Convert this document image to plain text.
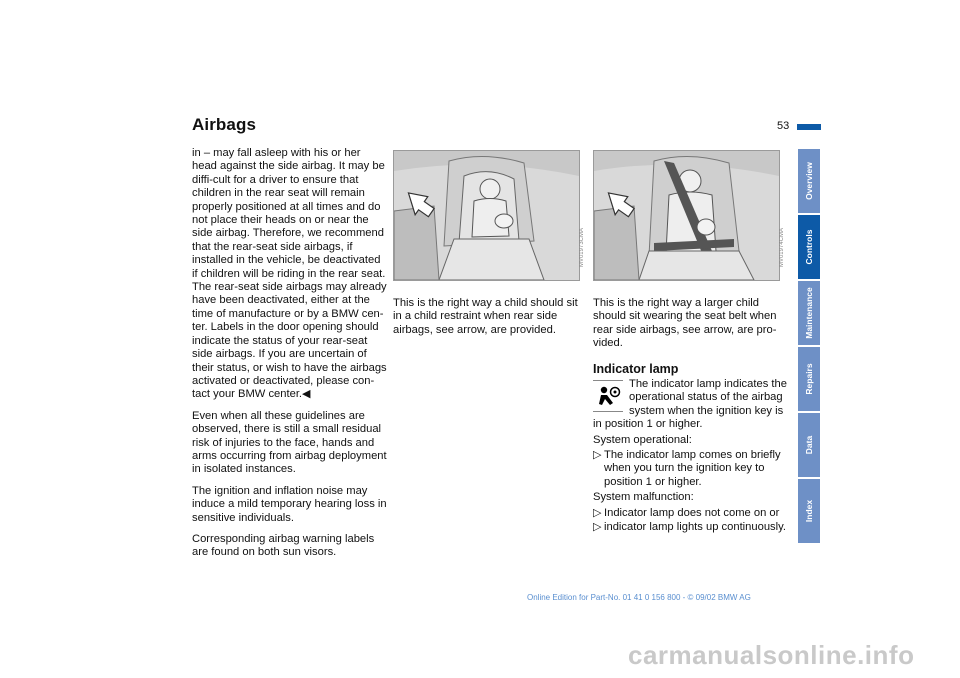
Airbags	53

in – may fall asleep with his or her head against the side airbag. It may be diffi-cult for a driver to ensure that children in the rear seat will remain properly positioned at all times and do not place their heads on or near the side airbag. Therefore, we recommend that the rear-seat side airbags, if installed in the vehicle, be deactivated if children will be riding in the rear seat.

The rear-seat side airbags may already have been deactivated, either at the time of manufacture or by a BMW cen-ter. Labels in the door opening should indicate the status of your rear-seat side airbags. If you are uncertain of their status, or wish to have the airbags activated or deactivated, please con-tact your BMW center.◀

Even when all these guidelines are observed, there is still a small residual risk of injuries to the face, hands and arms occurring from airbag deployment in isolated instances.

The ignition and inflation noise may induce a mild temporary hearing loss in sensitive individuals.

Corresponding airbag warning labels are found on both sun visors.

MV01973CMA
This is the right way a child should sit in a child restraint when rear side airbags, see arrow, are provided.
MV01974CMA

This is the right way a larger child should sit wearing the seat belt when rear side airbags, see arrow, are pro-vided.

Indicator lamp

The indicator lamp indicates the operational status of the airbag system when the ignition key is in position 1 or higher.

System operational:

▷ The indicator lamp comes on briefly when you turn the ignition key to position 1 or higher.

System malfunction:

▷ Indicator lamp does not come on or

▷ indicator lamp lights up continuously.

Overview
Controls
Maintenance
Repairs
Data
Index
Online Edition for Part-No. 01 41 0 156 800 - © 09/02 BMW AG
carmanualsonline.info
